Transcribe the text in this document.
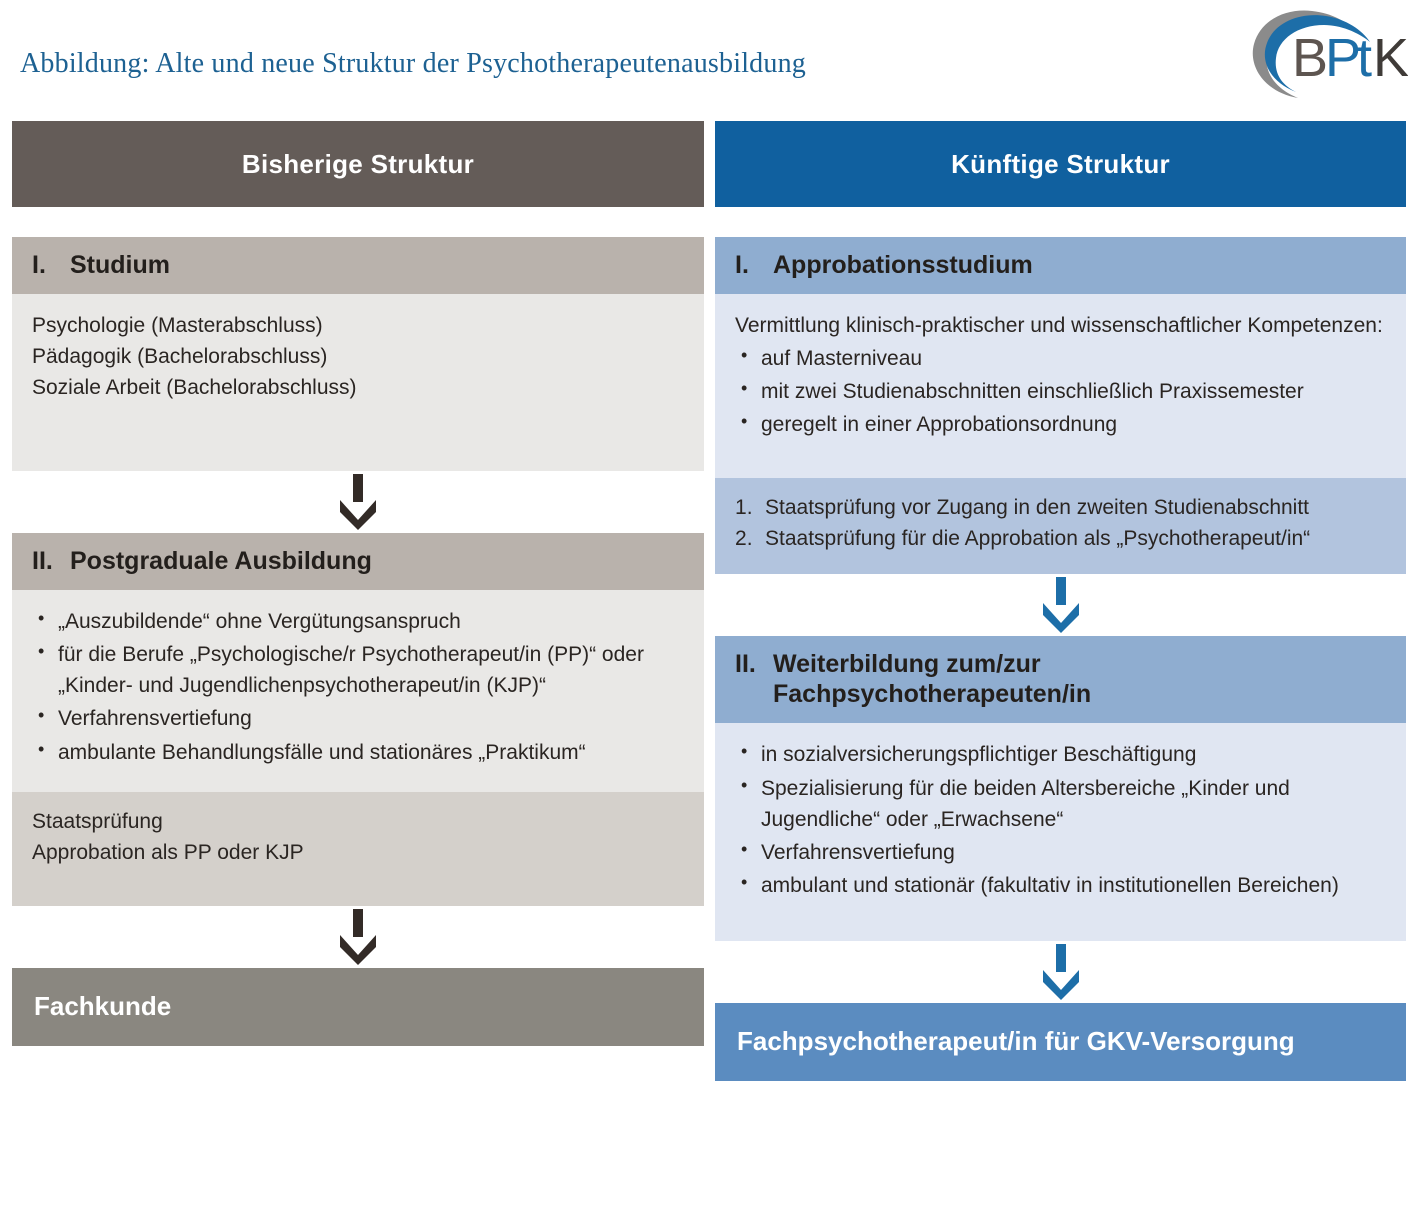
Abbildung: Alte und neue Struktur der Psychotherapeutenausbildung	B
P
t K
Bisherige Struktur
I. Studium
Psychologie (Masterabschluss)
Pädagogik (Bachelorabschluss)
Soziale Arbeit (Bachelorabschluss)
II. Postgraduale Ausbildung
• „Auszubildende“ ohne Vergütungsanspruch
• für die Berufe „Psychologische/r Psychotherapeut/in (PP)“ oder „Kinder- und Jugendlichenpsychotherapeut/in (KJP)“
• Verfahrensvertiefung
• ambulante Behandlungsfälle und stationäres „Praktikum“
Staatsprüfung
Approbation als PP oder KJP
Fachkunde
Künftige Struktur
I. Approbationsstudium

Vermittlung klinisch-praktischer und wissenschaftlicher Kompetenzen:

• auf Masterniveau
• mit zwei Studienabschnitten einschließlich Praxissemester
• geregelt in einer Approbationsordnung
Staatsprüfung vor Zugang in den zweiten Studienabschnitt
Staatsprüfung für die Approbation als „Psychotherapeut/in“
II. Weiterbildung zum/zur
Fachpsychotherapeuten/in
• in sozialversicherungspflichtiger Beschäftigung
• Spezialisierung für die beiden Altersbereiche „Kinder und Jugendliche“ oder „Erwachsene“
• Verfahrensvertiefung
• ambulant und stationär (fakultativ in institutionellen Bereichen)
Fachpsychotherapeut/in für GKV-Versorgung
